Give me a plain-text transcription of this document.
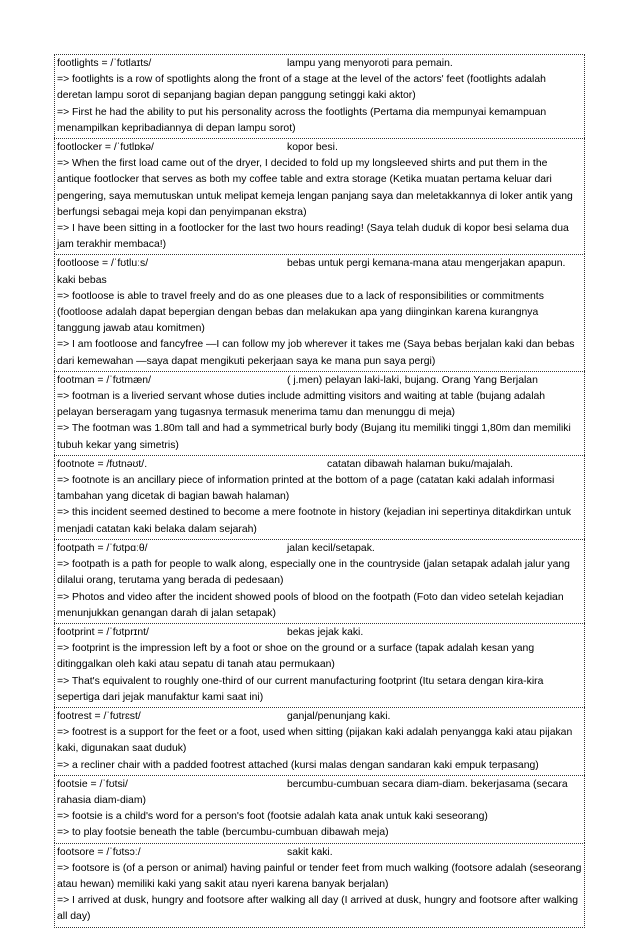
footlights = /ˈfʊtlaɪts/	lampu yang menyoroti para pemain.
=> footlights is a row of spotlights along the front of a stage at the level of the actors' feet (footlights adalah deretan lampu sorot di sepanjang bagian depan panggung setinggi kaki aktor)
=> First he had the ability to put his personality across the footlights (Pertama dia mempunyai kemampuan menampilkan kepribadiannya di depan lampu sorot)
footlocker = /ˈfʊtlɒkə/	kopor besi.
=> When the first load came out of the dryer, I decided to fold up my longsleeved shirts and put them in the antique footlocker that serves as both my coffee table and extra storage (Ketika muatan pertama keluar dari pengering, saya memutuskan untuk melipat kemeja lengan panjang saya dan meletakkannya di loker antik yang berfungsi sebagai meja kopi dan penyimpanan ekstra)
=> I have been sitting in a footlocker for the last two hours reading! (Saya telah duduk di kopor besi selama dua jam terakhir membaca!)
footloose = /ˈfʊtluːs/	bebas untuk pergi kemana-mana atau mengerjakan apapun. kaki bebas
=> footloose is able to travel freely and do as one pleases due to a lack of responsibilities or commitments (footloose adalah dapat bepergian dengan bebas dan melakukan apa yang diinginkan karena kurangnya tanggung jawab atau komitmen)
=> I am footloose and fancyfree —I can follow my job wherever it takes me (Saya bebas berjalan kaki dan bebas dari kemewahan —saya dapat mengikuti pekerjaan saya ke mana pun saya pergi)
footman = /ˈfʊtmæn/	( j.men) pelayan laki-laki, bujang. Orang Yang Berjalan
=> footman is a liveried servant whose duties include admitting visitors and waiting at table (bujang adalah pelayan berseragam yang tugasnya termasuk menerima tamu dan menunggu di meja)
=> The footman was 1.80m tall and had a symmetrical burly body (Bujang itu memiliki tinggi 1,80m dan memiliki tubuh kekar yang simetris)
footnote = /fʊtnəʊt/.	catatan dibawah halaman buku/majalah.
=> footnote is an ancillary piece of information printed at the bottom of a page (catatan kaki adalah informasi tambahan yang dicetak di bagian bawah halaman)
=> this incident seemed destined to become a mere footnote in history (kejadian ini sepertinya ditakdirkan untuk menjadi catatan kaki belaka dalam sejarah)
footpath = /ˈfʊtpɑːθ/	jalan kecil/setapak.
=> footpath is a path for people to walk along, especially one in the countryside (jalan setapak adalah jalur yang dilalui orang, terutama yang berada di pedesaan)
=> Photos and video after the incident showed pools of blood on the footpath (Foto dan video setelah kejadian menunjukkan genangan darah di jalan setapak)
footprint = /ˈfʊtprɪnt/	bekas jejak kaki.
=> footprint is the impression left by a foot or shoe on the ground or a surface (tapak adalah kesan yang ditinggalkan oleh kaki atau sepatu di tanah atau permukaan)
=> That's equivalent to roughly one-third of our current manufacturing footprint (Itu setara dengan kira-kira sepertiga dari jejak manufaktur kami saat ini)
footrest = /ˈfʊtrɛst/	ganjal/penunjang kaki.
=> footrest is a support for the feet or a foot, used when sitting (pijakan kaki adalah penyangga kaki atau pijakan kaki, digunakan saat duduk)
=> a recliner chair with a padded footrest attached (kursi malas dengan sandaran kaki empuk terpasang)
footsie = /ˈfʊtsi/	bercumbu-cumbuan secara diam-diam. bekerjasama (secara rahasia diam-diam)
=> footsie is a child's word for a person's foot (footsie adalah kata anak untuk kaki seseorang)
=> to play footsie beneath the table (bercumbu-cumbuan dibawah meja)
footsore = /ˈfʊtsɔː/	sakit kaki.
=> footsore is (of a person or animal) having painful or tender feet from much walking (footsore adalah (seseorang atau hewan) memiliki kaki yang sakit atau nyeri karena banyak berjalan)
=> I arrived at dusk, hungry and footsore after walking all day (I arrived at dusk, hungry and footsore after walking all day)
